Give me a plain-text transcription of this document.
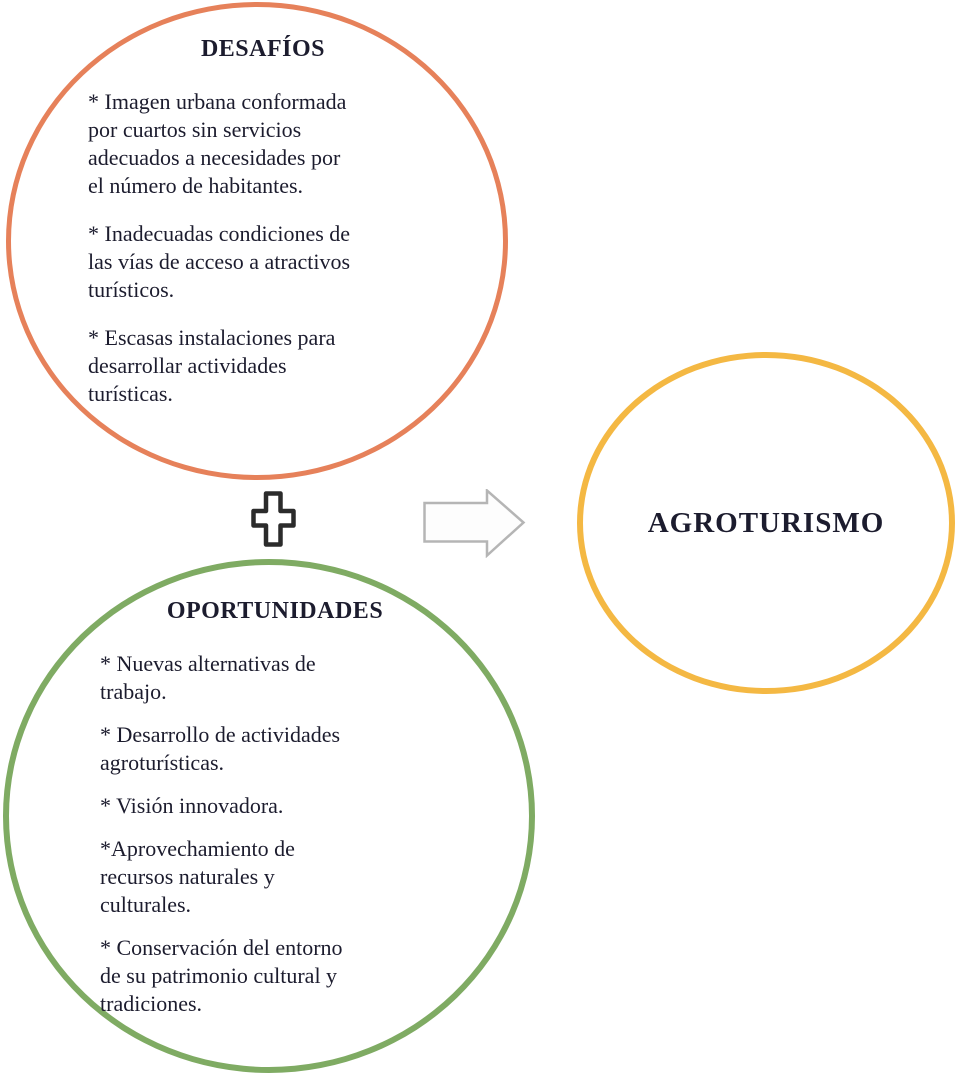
DESAFÍOS

* Imagen urbana conformada
por cuartos sin servicios
adecuados a necesidades por
el número de habitantes.

* Inadecuadas condiciones de
las vías de acceso a atractivos
turísticos.

* Escasas instalaciones para
desarrollar actividades
turísticas.

OPORTUNIDADES

* Nuevas alternativas de
trabajo.

* Desarrollo de actividades
agroturísticas.

* Visión innovadora.

*Aprovechamiento de
recursos naturales y
culturales.

* Conservación del entorno
de su patrimonio cultural y
tradiciones.

AGROTURISMO
